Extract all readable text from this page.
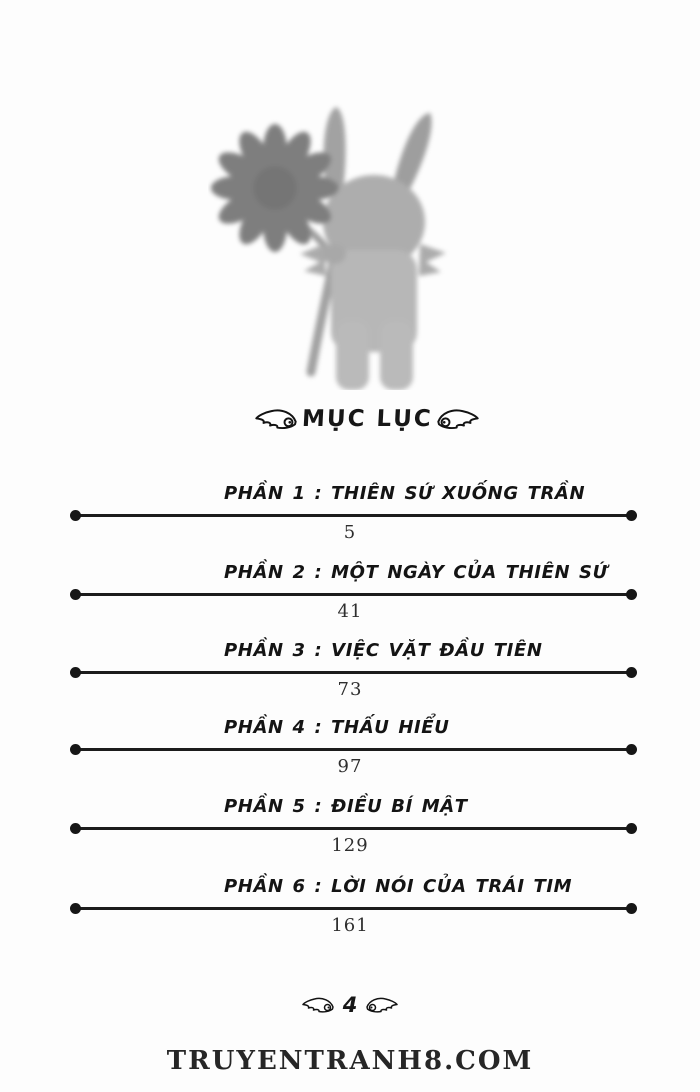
MỤC LỤC
PHẦN 1 : THIÊN SỨ XUỐNG TRẦN
5
PHẦN 2 : MỘT NGÀY CỦA THIÊN SỨ
41
PHẦN 3 : VIỆC VẶT ĐẦU TIÊN
73
PHẦN 4 : THẤU HIỂU
97
PHẦN 5 : ĐIỀU BÍ MẬT
129
PHẦN 6 : LỜI NÓI CỦA TRÁI TIM
161
4
TRUYENTRANH8.COM
